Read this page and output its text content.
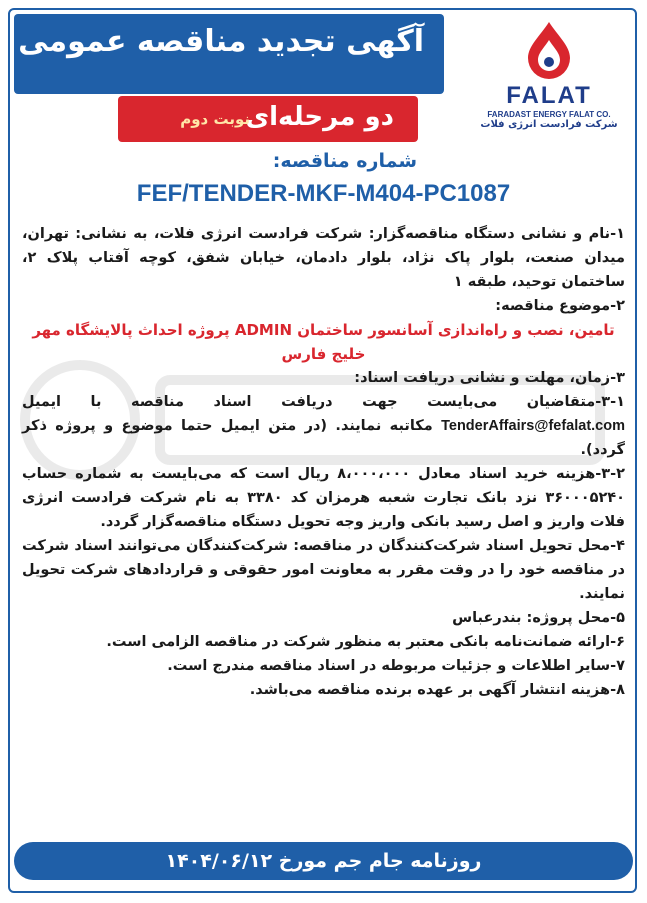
آگهی تجدید مناقصه عمومی
دو مرحله‌ای
نوبت دوم
FALAT
FARADAST ENERGY FALAT CO.
شرکت فرادست انرژی فلات
شماره مناقصه:
FEF/TENDER-MKF-M404-PC1087

۱-نام و نشانی دستگاه مناقصه‌گزار: شرکت فرادست انرژی فلات، به نشانی: تهران، میدان صنعت، بلوار پاک نژاد، بلوار دادمان، خیابان شفق، کوچه آفتاب پلاک ۲، ساختمان توحید، طبقه ۱

۲-موضوع مناقصه:

تامین، نصب و راه‌اندازی آسانسور ساختمان ADMIN پروژه احداث پالایشگاه مهر خلیج فارس

۳-زمان، مهلت و نشانی دریافت اسناد:

۳-۱-متقاضیان می‌بایست جهت دریافت اسناد مناقصه با ایمیل TenderAffairs@fefalat.com مکاتبه نمایند. (در متن ایمیل حتما موضوع و پروژه ذکر گردد).

۳-۲-هزینه خرید اسناد معادل ۸،۰۰۰،۰۰۰ ریال است که می‌بایست به شماره حساب ۳۶۰۰۰۵۲۴۰ نزد بانک تجارت شعبه هرمزان کد ۳۳۸۰ به نام شرکت فرادست انرژی فلات واریز و اصل رسید بانکی واریز وجه تحویل دستگاه مناقصه‌گزار گردد.

۴-محل تحویل اسناد شرکت‌کنندگان در مناقصه: شرکت‌کنندگان می‌توانند اسناد شرکت در مناقصه خود را در وقت مقرر به معاونت امور حقوقی و قراردادهای شرکت تحویل نمایند.

۵-محل پروژه: بندرعباس

۶-ارائه ضمانت‌نامه بانکی معتبر به منظور شرکت در مناقصه الزامی است.

۷-سایر اطلاعات و جزئیات مربوطه در اسناد مناقصه مندرج است.

۸-هزینه انتشار آگهی بر عهده برنده مناقصه می‌باشد.

روزنامه جام جم مورخ ۱۴۰۴/۰۶/۱۲
